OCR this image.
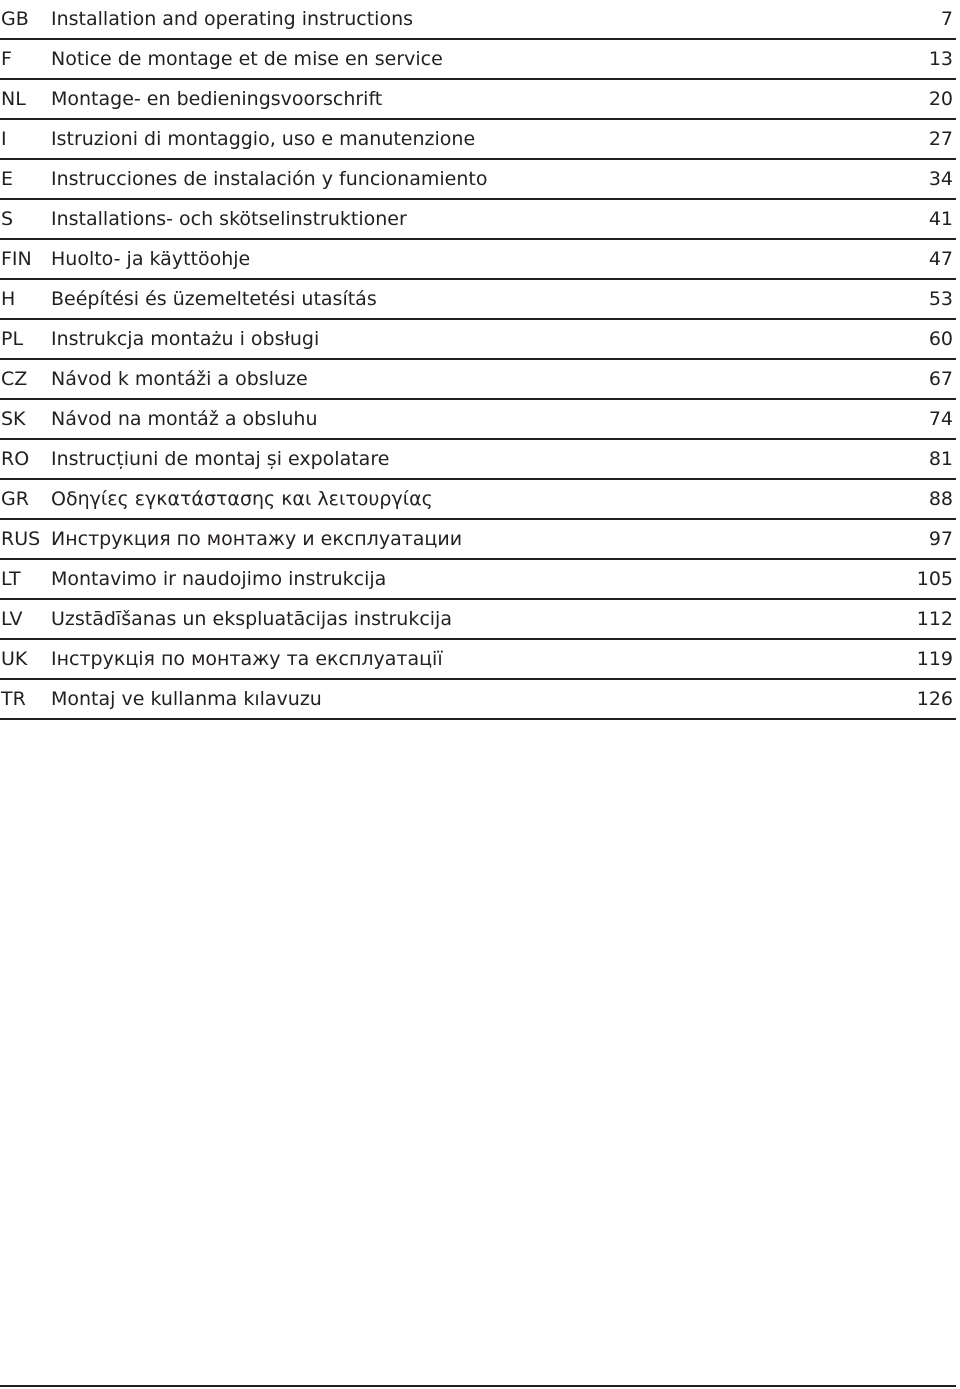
GB	Installation and operating instructions	7
F	Notice de montage et de mise en service	13
NL	Montage- en bedieningsvoorschrift	20
I	Istruzioni di montaggio, uso e manutenzione	27
E	Instrucciones de instalación y funcionamiento	34
S	Installations- och skötselinstruktioner	41
FIN	Huolto- ja käyttöohje	47
H	Beépítési és üzemeltetési utasítás	53
PL	Instrukcja montażu i obsługi	60
CZ	Návod k montáži a obsluze	67
SK	Návod na montáž a obsluhu	74
RO	Instrucțiuni de montaj și expolatare	81
GR	Οδηγίες εγκατάστασης και λειτουργίας	88
RUS Инструкция по монтажу и експлуатации	97
LT	Montavimo ir naudojimo instrukcija	105
LV	Uzstādīšanas un ekspluatācijas instrukcija	112
UK	Інструкція по монтажу та експлуатації	119
TR	Montaj ve kullanma kılavuzu	126
